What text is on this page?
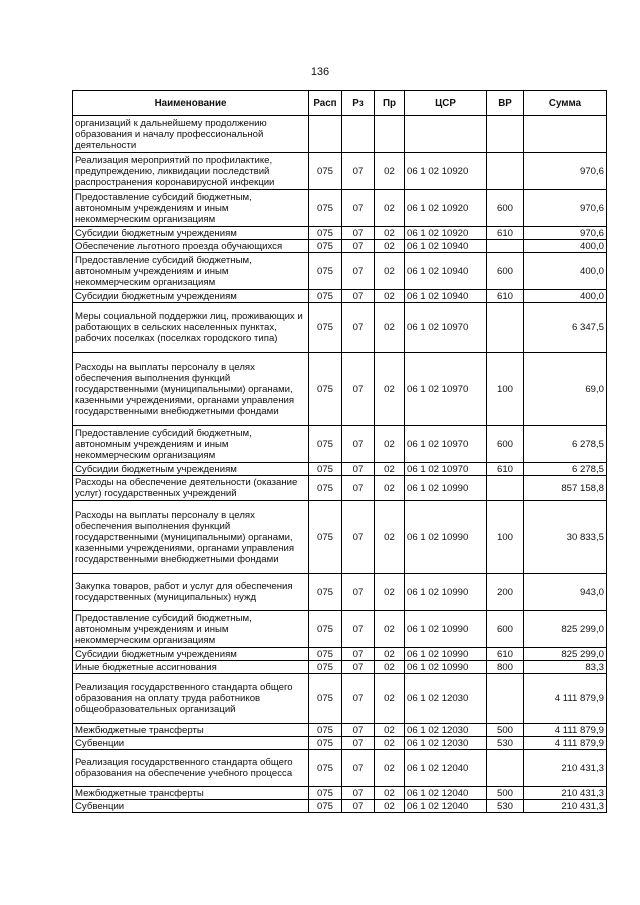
136
Наименование	Расп	Рз	Пр	ЦСР	ВР	Сумма
организаций к дальнейшему продолжению образования и началу профессиональной деятельности						
Реализация мероприятий по профилактике, предупреждению, ликвидации последствий распространения коронавирусной инфекции	075	07	02	06 1 02 10920		970,6
Предоставление субсидий бюджетным, автономным учреждениям и иным некоммерческим организациям	075	07	02	06 1 02 10920	600	970,6
Субсидии бюджетным учреждениям	075	07	02	06 1 02 10920	610	970,6
Обеспечение льготного проезда обучающихся	075	07	02	06 1 02 10940		400,0
Предоставление субсидий бюджетным, автономным учреждениям и иным некоммерческим организациям	075	07	02	06 1 02 10940	600	400,0
Субсидии бюджетным учреждениям	075	07	02	06 1 02 10940	610	400,0
Меры социальной поддержки лиц, проживающих и работающих в сельских населенных пунктах, рабочих поселках (поселках городского типа)	075	07	02	06 1 02 10970		6 347,5
Расходы на выплаты персоналу в целях обеспечения выполнения функций государственными (муниципальными) органами, казенными учреждениями, органами управления государственными внебюджетными фондами	075	07	02	06 1 02 10970	100	69,0
Предоставление субсидий бюджетным, автономным учреждениям и иным некоммерческим организациям	075	07	02	06 1 02 10970	600	6 278,5
Субсидии бюджетным учреждениям	075	07	02	06 1 02 10970	610	6 278,5
Расходы на обеспечение деятельности (оказание услуг) государственных учреждений	075	07	02	06 1 02 10990		857 158,8
Расходы на выплаты персоналу в целях обеспечения выполнения функций государственными (муниципальными) органами, казенными учреждениями, органами управления государственными внебюджетными фондами	075	07	02	06 1 02 10990	100	30 833,5
Закупка товаров, работ и услуг для обеспечения государственных (муниципальных) нужд	075	07	02	06 1 02 10990	200	943,0
Предоставление субсидий бюджетным, автономным учреждениям и иным некоммерческим организациям	075	07	02	06 1 02 10990	600	825 299,0
Субсидии бюджетным учреждениям	075	07	02	06 1 02 10990	610	825 299,0
Иные бюджетные ассигнования	075	07	02	06 1 02 10990	800	83,3
Реализация государственного стандарта общего образования на оплату труда работников общеобразовательных организаций	075	07	02	06 1 02 12030		4 111 879,9
Межбюджетные трансферты	075	07	02	06 1 02 12030	500	4 111 879,9
Субвенции	075	07	02	06 1 02 12030	530	4 111 879,9
Реализация государственного стандарта общего образования на обеспечение учебного процесса	075	07	02	06 1 02 12040		210 431,3
Межбюджетные трансферты	075	07	02	06 1 02 12040	500	210 431,3
Субвенции	075	07	02	06 1 02 12040	530	210 431,3
